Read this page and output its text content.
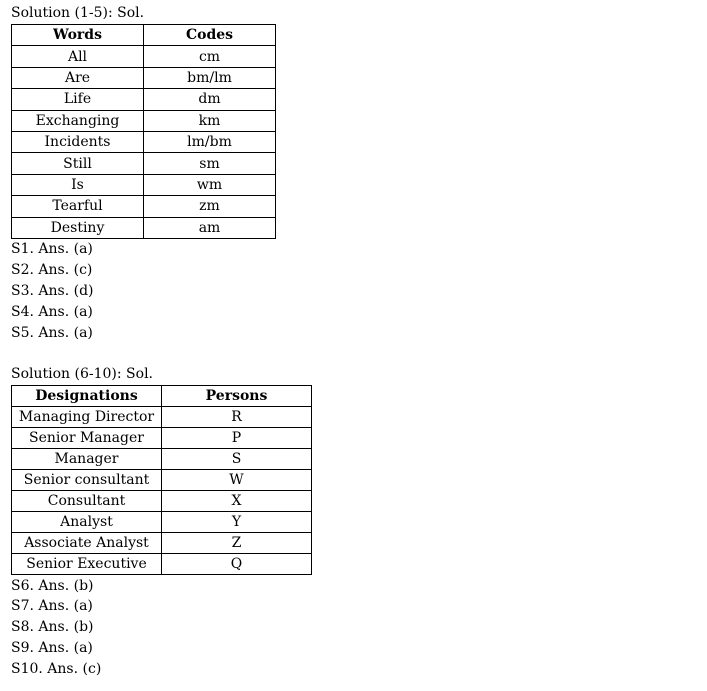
Solution (1-5): Sol.
Words	Codes
All	cm
Are	bm/lm
Life	dm
Exchanging	km
Incidents	lm/bm
Still	sm
Is	wm
Tearful	zm
Destiny	am
S1. Ans. (a)
S2. Ans. (c)
S3. Ans. (d)
S4. Ans. (a)
S5. Ans. (a)
Solution (6-10): Sol.
Designations	Persons
Managing Director	R
Senior Manager	P
Manager	S
Senior consultant	W
Consultant	X
Analyst	Y
Associate Analyst	Z
Senior Executive	Q
S6. Ans. (b)
S7. Ans. (a)
S8. Ans. (b)
S9. Ans. (a)
S10. Ans. (c)
